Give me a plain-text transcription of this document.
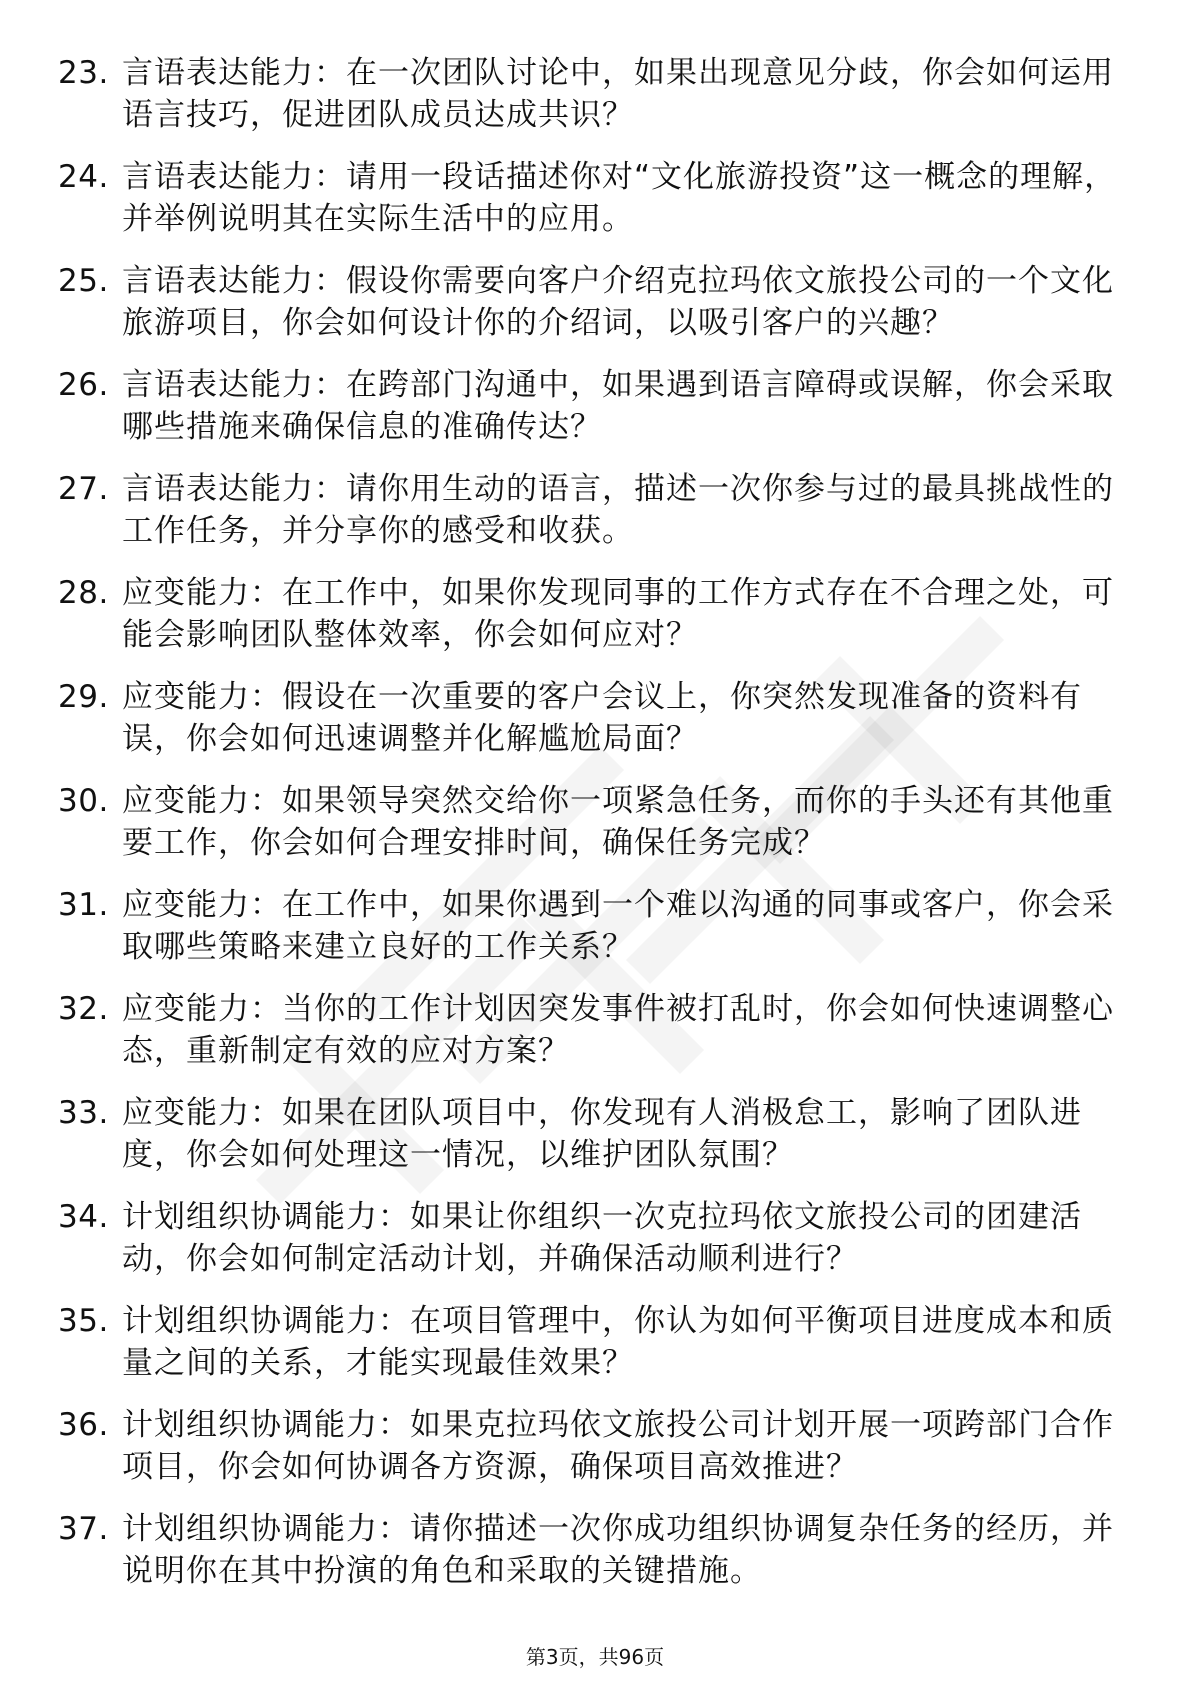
23. 言语表达能力：在一次团队讨论中，如果出现意见分歧，你会如何运用语言技巧，促进团队成员达成共识？
24. 言语表达能力：请用一段话描述你对“文化旅游投资”这一概念的理解，并举例说明其在实际生活中的应用。
25. 言语表达能力：假设你需要向客户介绍克拉玛依文旅投公司的一个文化旅游项目，你会如何设计你的介绍词，以吸引客户的兴趣？
26. 言语表达能力：在跨部门沟通中，如果遇到语言障碍或误解，你会采取哪些措施来确保信息的准确传达？
27. 言语表达能力：请你用生动的语言，描述一次你参与过的最具挑战性的工作任务，并分享你的感受和收获。
28. 应变能力：在工作中，如果你发现同事的工作方式存在不合理之处，可能会影响团队整体效率，你会如何应对？
29. 应变能力：假设在一次重要的客户会议上，你突然发现准备的资料有误，你会如何迅速调整并化解尴尬局面？
30. 应变能力：如果领导突然交给你一项紧急任务，而你的手头还有其他重要工作，你会如何合理安排时间，确保任务完成？
31. 应变能力：在工作中，如果你遇到一个难以沟通的同事或客户，你会采取哪些策略来建立良好的工作关系？
32. 应变能力：当你的工作计划因突发事件被打乱时，你会如何快速调整心态，重新制定有效的应对方案？
33. 应变能力：如果在团队项目中，你发现有人消极怠工，影响了团队进度，你会如何处理这一情况，以维护团队氛围？
34. 计划组织协调能力：如果让你组织一次克拉玛依文旅投公司的团建活动，你会如何制定活动计划，并确保活动顺利进行？
35. 计划组织协调能力：在项目管理中，你认为如何平衡项目进度成本和质量之间的关系，才能实现最佳效果？
36. 计划组织协调能力：如果克拉玛依文旅投公司计划开展一项跨部门合作项目，你会如何协调各方资源，确保项目高效推进？
37. 计划组织协调能力：请你描述一次你成功组织协调复杂任务的经历，并说明你在其中扮演的角色和采取的关键措施。
第3页，共96页
